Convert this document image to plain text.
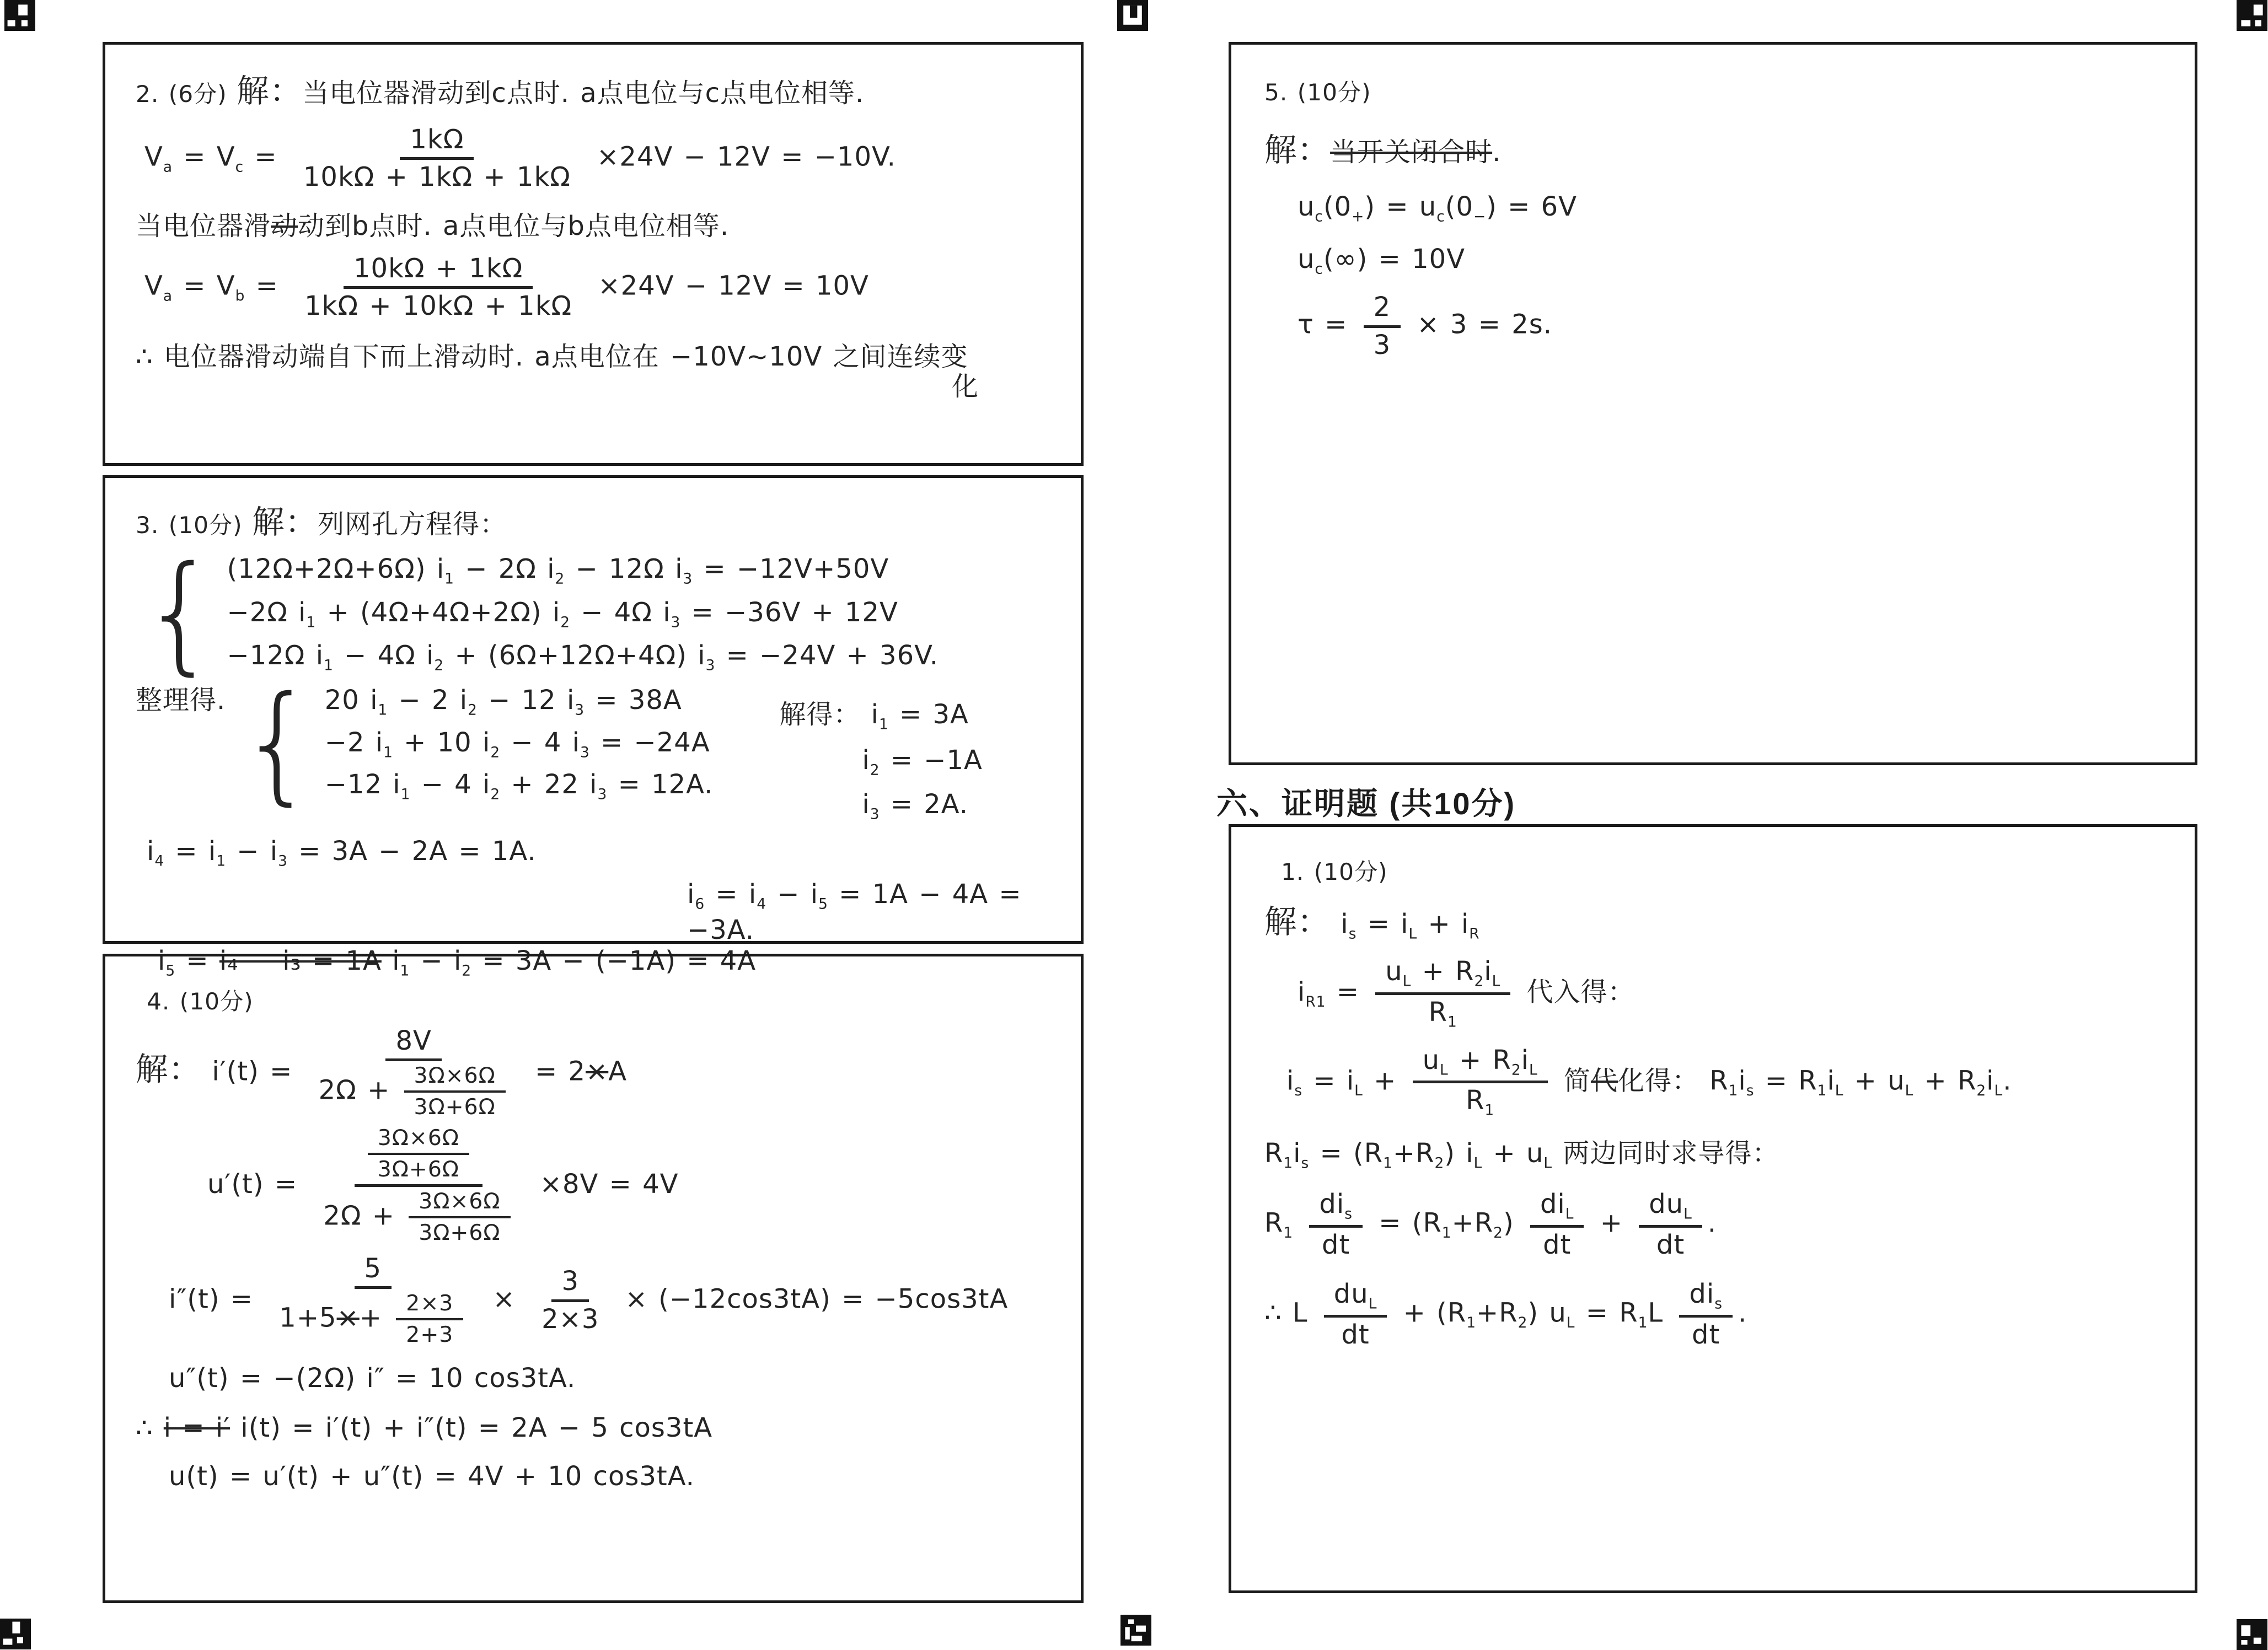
2. (6分) 解：当电位器滑动到c点时. a点电位与c点电位相等.
$V_a = V_c = \frac{1k\Omega}{10k\Omega + 1k\Omega + 1k\Omega} \times 24V - 12V = -10V$.
当电位器滑动动到b点时. a点电位与b点电位相等.
$V_a = V_b = \frac{10k\Omega + 1k\Omega}{1k\Omega + 10k\Omega + 1k\Omega} \times 24V - 12V = 10V$
∴ 电位器滑动端自下而上滑动时. a点电位在 −10V~10V 之间连续变
化
3. (10分) 解：列网孔方程得：
{ (12Ω+2Ω+6Ω) $i_1 - 2\Omega$ $i_2 - 12\Omega$ $i_3 = -12V+50V$
−2Ω $i_1 + (4\Omega+4\Omega+2\Omega) i_2 - 4\Omega$ $i_3 = -36V + 12V$
−12Ω $i_1 - 4\Omega$ $i_2 + (6\Omega+12\Omega+4\Omega) i_3 = -24V + 36V$.
整理得. { 20 $i_1 - 2$ $i_2 - 12$ $i_3 = 38A$
−2 $i_1 + 10$ $i_2 - 4$ $i_3 = -24A$
−12 $i_1 - 4$ $i_2 + 22$ $i_3 = 12A$.
解得： $i_1 = 3A$
$i_2 = -1A$
$i_3 = 2A$.
$i_4 = i_1 - i_3 = 3A - 2A = 1A$.
$i_6 = i_4 - i_5 = 1A - 4A = -3A$.
$i_5 = i_4 - i_3 = 1A$ $i_1 - i_2 = 3A - (-1A) = 4A$
4. (10分)
解： $i'(t) = \frac{8V}{2\Omega + \frac{3\Omega\times 6\Omega}{3\Omega+6\Omega}} = 2\times A$
$u'(t) = \frac{\frac{3\Omega\times 6\Omega}{3\Omega+6\Omega}}{2\Omega + \frac{3\Omega\times 6\Omega}{3\Omega+6\Omega}} \times 8V = 4V$
$i''(t) = \frac{5}{1+5\times+ \frac{2\times 3}{2+3}} \times \frac{3}{2\times 3} \times (-12\cos 3tA) = -5\cos 3tA$
u″(t) = −(2Ω) i″ = 10 cos3tA.
∴ i = i′ i(t) = i′(t) + i″(t) = 2A − 5 cos3tA
u(t) = u′(t) + u″(t) = 4V + 10 cos3tA.
5. (10分)
解：当开关闭合时.
$u_c(0_+) = u_c(0_-) = 6V$
$u_c(\infty) = 10V$
$\tau = \frac{2}{3} \times 3 = 2s$.
1. (10分)
解： $i_s = i_L + i_R$
$i_{R1} = \frac{u_L + R_2i_L}{R_1}$ 代入得：
$i_s = i_L + \frac{u_L + R_2i_L}{R_1}$ 简代化得： $R_1i_s = R_1i_L + u_L + R_2i_L$.
$R_1i_s = (R_1+R_2) i_L + u_L$ 两边同时求导得：
$R_1 \frac{di_s}{dt} = (R_1+R_2) \frac{di_L}{dt} + \frac{du_L}{dt}$ .
∴ L $\frac{du_L}{dt} + (R_1+R_2) u_L = R_1L \frac{di_s}{dt}$ .
六、证明题 (共10分)
